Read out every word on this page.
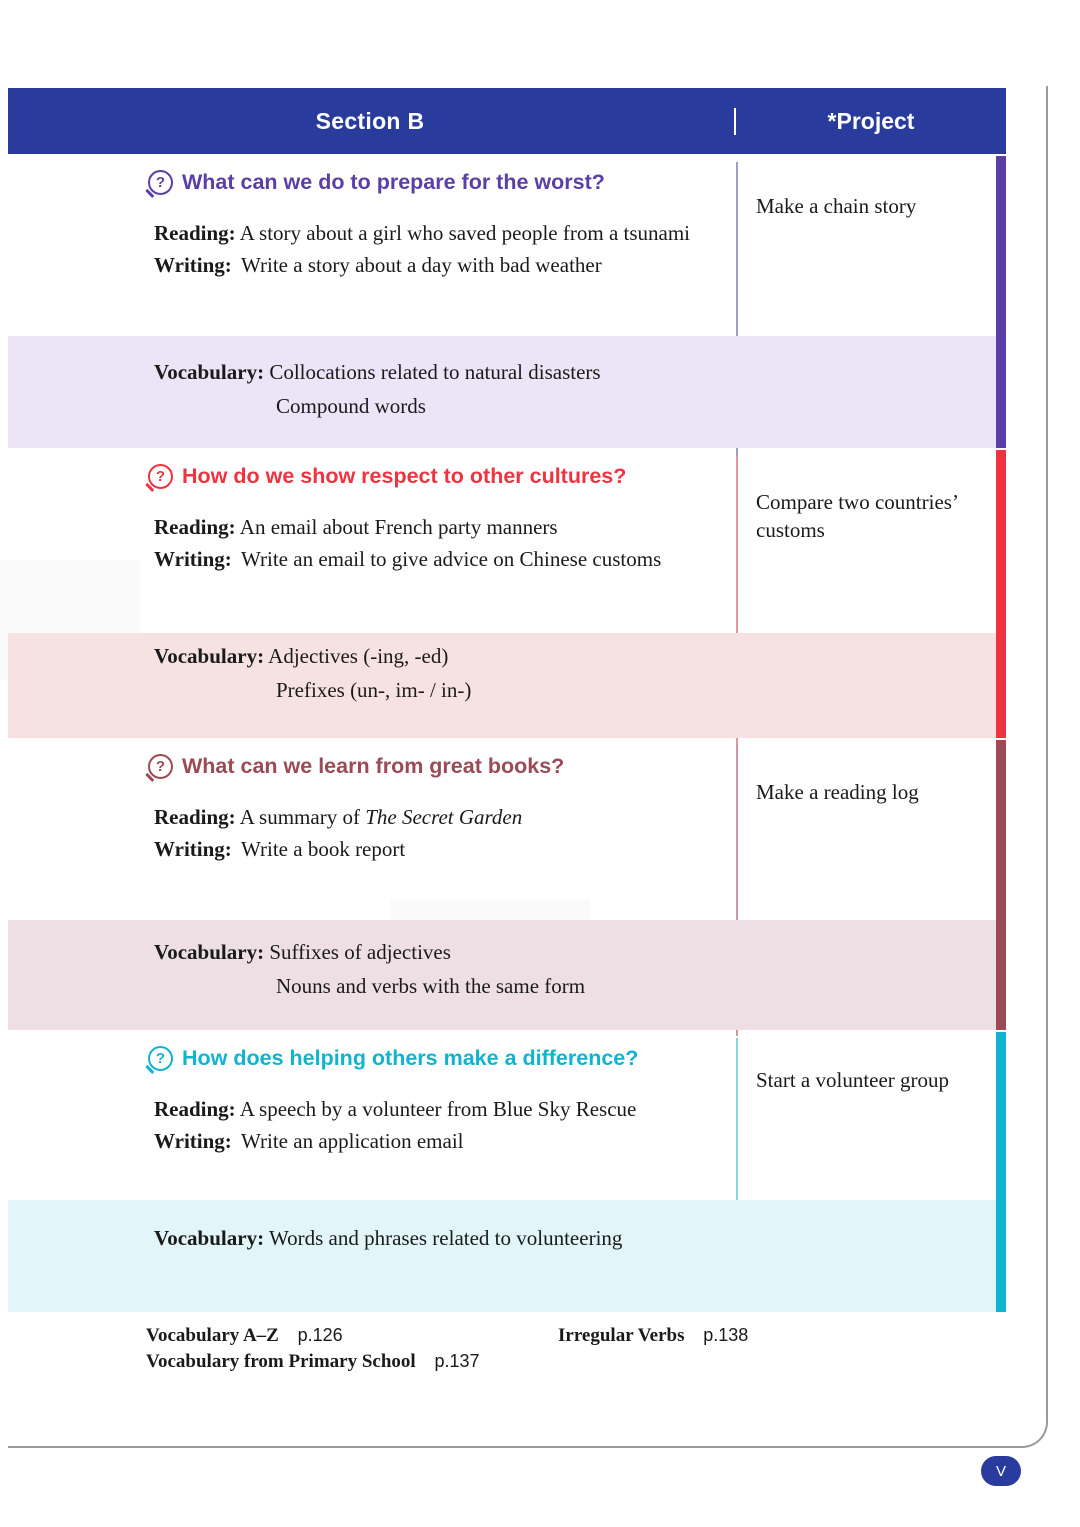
Section B	*Project
?
What can we do to prepare for the worst?
Reading: A story about a girl who saved people from a tsunami
Writing: Write a story about a day with bad weather
Make a chain story
Vocabulary: Collocations related to natural disasters
Compound words
?
How do we show respect to other cultures?
Reading: An email about French party manners
Writing: Write an email to give advice on Chinese customs
Compare two countries’ customs
Vocabulary: Adjectives (-ing, -ed)
Prefixes (un-, im- / in-)
?
What can we learn from great books?
Reading: A summary of The Secret Garden
Writing: Write a book report
Make a reading log
Vocabulary: Suffixes of adjectives
Nouns and verbs with the same form
?
How does helping others make a difference?
Reading: A speech by a volunteer from Blue Sky Rescue
Writing: Write an application email
Start a volunteer group
Vocabulary: Words and phrases related to volunteering
Vocabulary A–Z p.126	Irregular Verbs p.138
Vocabulary from Primary School p.137
V
